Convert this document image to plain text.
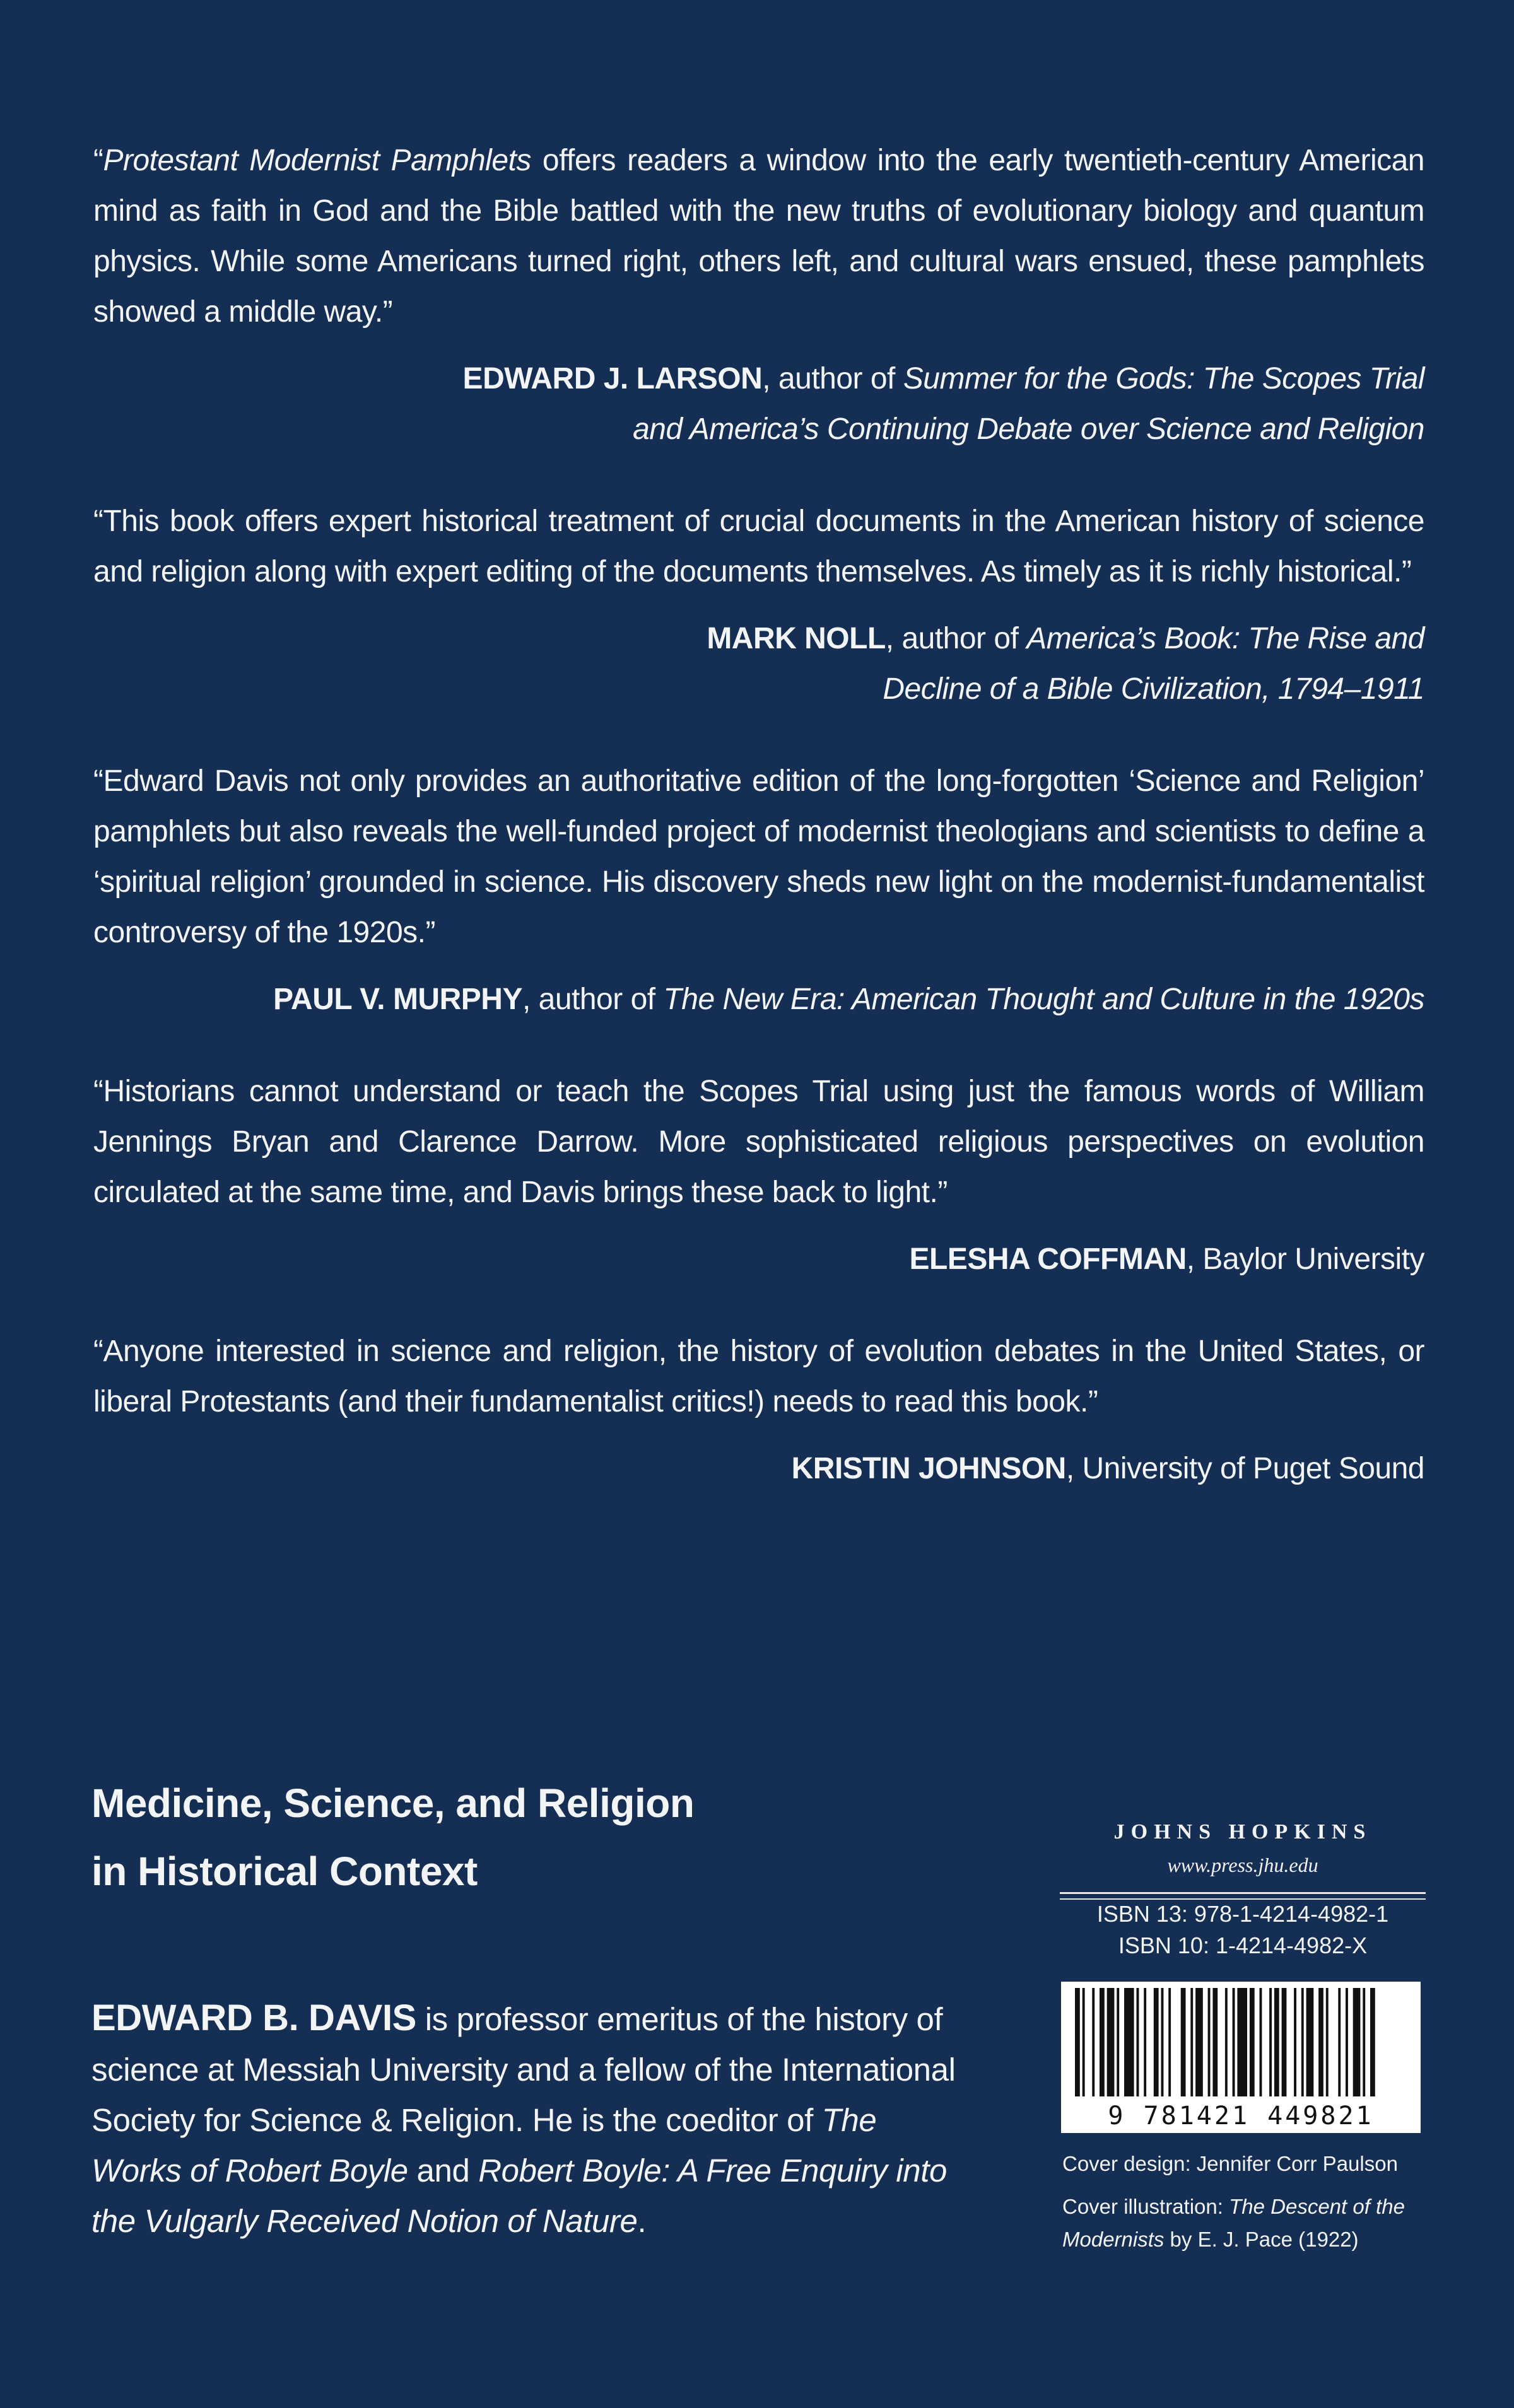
“Protestant Modernist Pamphlets offers readers a window into the early twentieth-century American mind as faith in God and the Bible battled with the new truths of evolutionary biology and quantum physics. While some Americans turned right, others left, and cultural wars ensued, these pamphlets showed a middle way.”

EDWARD J. LARSON, author of Summer for the Gods: The Scopes Trial
and America’s Continuing Debate over Science and Religion

“This book offers expert historical treatment of crucial documents in the American history of science and religion along with expert editing of the documents themselves. As timely as it is richly historical.”

MARK NOLL, author of America’s Book: The Rise and
Decline of a Bible Civilization, 1794–1911

“Edward Davis not only provides an authoritative edition of the long-forgotten ‘Science and Religion’ pamphlets but also reveals the well-funded project of modernist theologians and scientists to define a ‘spiritual religion’ grounded in science. His discovery sheds new light on the modernist-fundamentalist controversy of the 1920s.”

PAUL V. MURPHY, author of The New Era: American Thought and Culture in the 1920s

“Historians cannot understand or teach the Scopes Trial using just the famous words of William Jennings Bryan and Clarence Darrow. More sophisticated religious perspectives on evolution circulated at the same time, and Davis brings these back to light.”

ELESHA COFFMAN, Baylor University

“Anyone interested in science and religion, the history of evolution debates in the United States, or liberal Protestants (and their fundamentalist critics!) needs to read this book.”

KRISTIN JOHNSON, University of Puget Sound
Medicine, Science, and Religion
in Historical Context
EDWARD B. DAVIS is professor emeritus of the history of science at Messiah University and a fellow of the International Society for Science & Religion. He is the coeditor of The Works of Robert Boyle and Robert Boyle: A Free Enquiry into the Vulgarly Received Notion of Nature.
JOHNS HOPKINS
www.press.jhu.edu
ISBN 13: 978-1-4214-4982-1
ISBN 10: 1-4214-4982-X
9 781421 449821
Cover design: Jennifer Corr Paulson
Cover illustration: The Descent of the
Modernists by E. J. Pace (1922)
